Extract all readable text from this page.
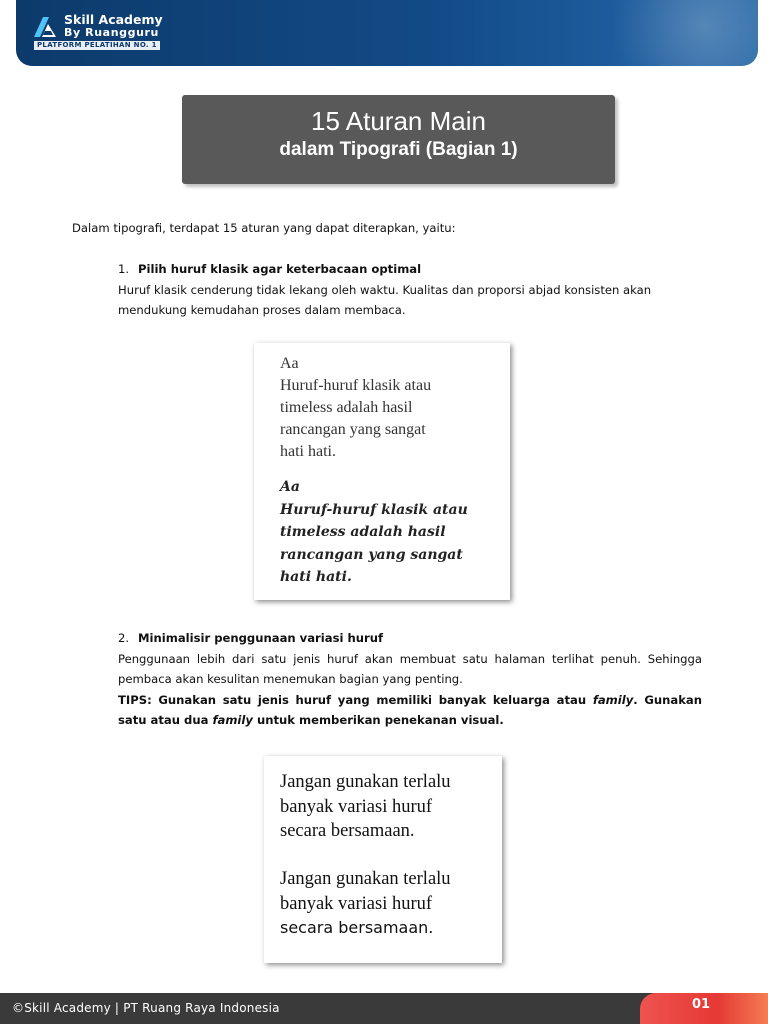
Skill Academy
By Ruangguru
PLATFORM PELATIHAN NO. 1
15 Aturan Main
dalam Tipografi (Bagian 1)
Dalam tipografi, terdapat 15 aturan yang dapat diterapkan, yaitu:
1. Pilih huruf klasik agar keterbacaan optimal
Huruf klasik cenderung tidak lekang oleh waktu. Kualitas dan proporsi abjad konsisten akan mendukung kemudahan proses dalam membaca.
Aa
Huruf-huruf klasik atau
timeless adalah hasil
rancangan yang sangat
hati hati.
Aa
Huruf-huruf klasik atau
timeless adalah hasil
rancangan yang sangat
hati hati.
2. Minimalisir penggunaan variasi huruf
Penggunaan lebih dari satu jenis huruf akan membuat satu halaman terlihat penuh. Sehingga pembaca akan kesulitan menemukan bagian yang penting.
TIPS: Gunakan satu jenis huruf yang memiliki banyak keluarga atau family. Gunakan satu atau dua family untuk memberikan penekanan visual.
Jangan gunakan terlalu
banyak variasi huruf
secara bersamaan.
Jangan gunakan terlalu
banyak variasi huruf
secara bersamaan.
©Skill Academy | PT Ruang Raya Indonesia	01
